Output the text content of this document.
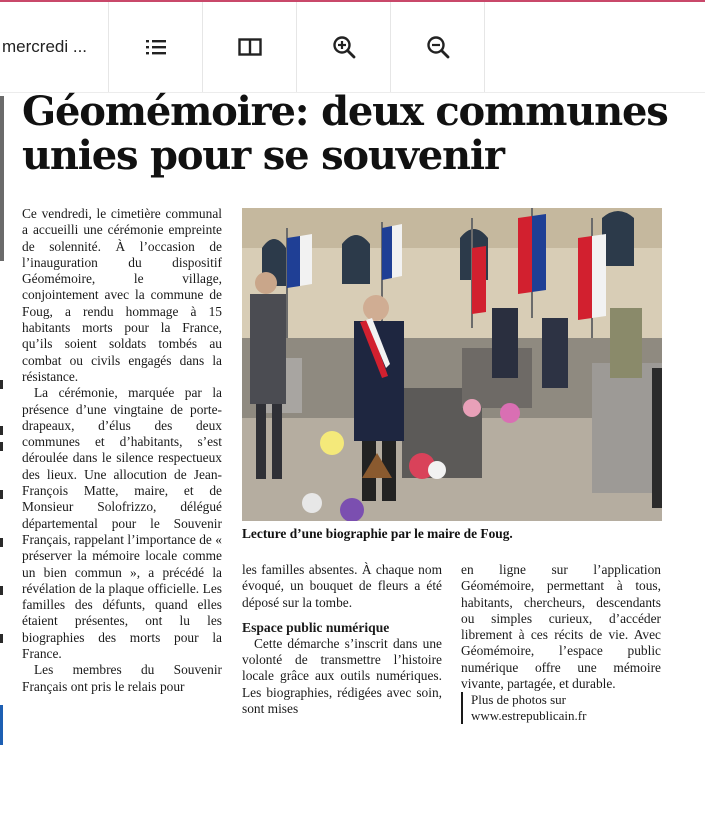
mercredi ...
Géomémoire: deux communes
unies pour se souvenir

Ce vendredi, le cimetière communal a accueilli une cérémonie empreinte de solennité. À l’occasion de l’inauguration du dispositif Géomémoire, le village, conjointement avec la commune de Foug, a rendu hommage à 15 habitants morts pour la France, qu’ils soient soldats tombés au combat ou civils engagés dans la résistance.

La cérémonie, marquée par la présence d’une vingtaine de porte-drapeaux, d’élus des deux communes et d’habitants, s’est déroulée dans le silence respectueux des lieux. Une allocution de Jean-François Matte, maire, et de Monsieur Solofrizzo, délégué départemental pour le Souvenir Français, rappelant l’importance de « préserver la mémoire locale comme un bien commun », a précédé la révélation de la plaque officielle. Les familles des défunts, quand elles étaient présentes, ont lu les biographies des morts pour la France.

Les membres du Souvenir Français ont pris le relais pour

Lecture d’une biographie par le maire de Foug.

les familles absentes. À chaque nom évoqué, un bouquet de fleurs a été déposé sur la tombe.

Espace public numérique

Cette démarche s’inscrit dans une volonté de transmettre l’histoire locale grâce aux outils numériques. Les biographies, rédigées avec soin, sont mises

en ligne sur l’application Géomémoire, permettant à tous, habitants, chercheurs, descendants ou simples curieux, d’accéder librement à ces récits de vie. Avec Géomémoire, l’espace public numérique offre une mémoire vivante, partagée, et durable.

Plus de photos sur www.estrepublicain.fr
